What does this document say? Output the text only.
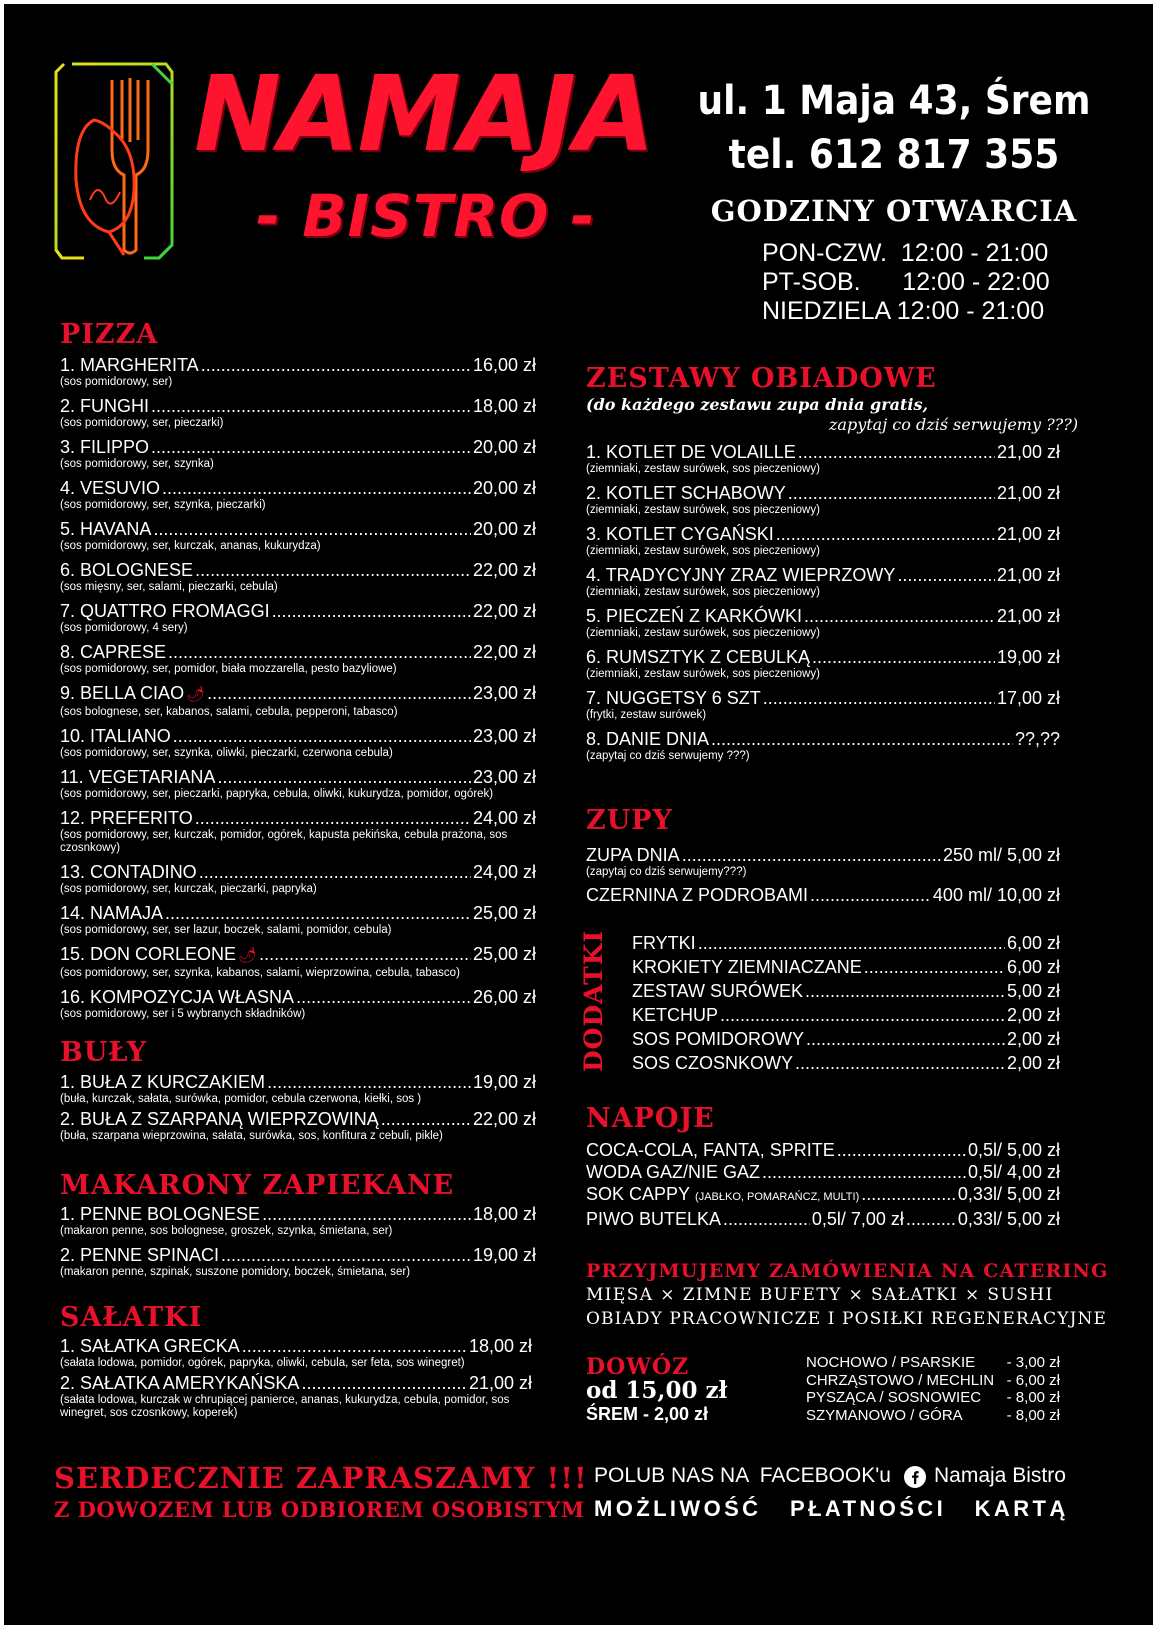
NAMAJA
- BISTRO -
ul. 1 Maja 43, Śrem
tel. 612 817 355
GODZINY OTWARCIA
PON-CZW.  12:00 - 21:00
PT-SOB.      12:00 - 22:00
NIEDZIELA 12:00 - 21:00
PIZZA
1. MARGHERITA .....	16,00 zł
(sos pomidorowy, ser)
2. FUNGHI .....	18,00 zł
(sos pomidorowy, ser, pieczarki)
3. FILIPPO .....	20,00 zł
(sos pomidorowy, ser, szynka)
4. VESUVIO .....	20,00 zł
(sos pomidorowy, ser, szynka, pieczarki)
5. HAVANA .....	20,00 zł
(sos pomidorowy, ser, kurczak, ananas, kukurydza)
6. BOLOGNESE .....	22,00 zł
(sos mięsny, ser, salami, pieczarki, cebula)
7. QUATTRO FROMAGGI .....	22,00 zł
(sos pomidorowy, 4 sery)
8. CAPRESE .....	22,00 zł
(sos pomidorowy, ser, pomidor, biała mozzarella, pesto bazyliowe)
9. BELLA CIAO 🌶 .....	23,00 zł
(sos bolognese, ser, kabanos, salami, cebula, pepperoni, tabasco)
10. ITALIANO .....	23,00 zł
(sos pomidorowy, ser, szynka, oliwki, pieczarki, czerwona cebula)
11. VEGETARIANA .....	23,00 zł
(sos pomidorowy, ser, pieczarki, papryka, cebula, oliwki, kukurydza, pomidor, ogórek)
12. PREFERITO .....	24,00 zł
(sos pomidorowy, ser, kurczak, pomidor, ogórek, kapusta pekińska, cebula prażona, sos czosnkowy)
13. CONTADINO .....	24,00 zł
(sos pomidorowy, ser, kurczak, pieczarki, papryka)
14. NAMAJA .....	25,00 zł
(sos pomidorowy, ser, ser lazur, boczek, salami, pomidor, cebula)
15. DON CORLEONE 🌶 .....	25,00 zł
(sos pomidorowy, ser, szynka, kabanos, salami, wieprzowina, cebula, tabasco)
16. KOMPOZYCJA WŁASNA .....	26,00 zł
(sos pomidorowy, ser i 5 wybranych składników)
BUŁY
1. BUŁA Z KURCZAKIEM .....	19,00 zł
(buła, kurczak, sałata, surówka, pomidor, cebula czerwona, kiełki, sos )
2. BUŁA Z SZARPANĄ WIEPRZOWINĄ .....	22,00 zł
(buła, szarpana wieprzowina, sałata, surówka, sos, konfitura z cebuli, pikle)
MAKARONY ZAPIEKANE
1. PENNE BOLOGNESE .....	18,00 zł
(makaron penne, sos bolognese, groszek, szynka, śmietana, ser)
2. PENNE SPINACI .....	19,00 zł
(makaron penne, szpinak, suszone pomidory, boczek, śmietana, ser)
SAŁATKI
1. SAŁATKA GRECKA .....	18,00 zł
(sałata lodowa, pomidor, ogórek, papryka, oliwki, cebula, ser feta, sos winegret)
2. SAŁATKA AMERYKAŃSKA .....	21,00 zł
(sałata lodowa, kurczak w chrupiącej panierce, ananas, kukurydza, cebula, pomidor, sos winegret, sos czosnkowy, koperek)
SERDECZNIE ZAPRASZAMY !!!
Z DOWOZEM LUB ODBIOREM OSOBISTYM
ZESTAWY OBIADOWE
(do każdego zestawu zupa dnia gratis,
zapytaj co dziś serwujemy ???)
1. KOTLET DE VOLAILLE .....	21,00 zł
(ziemniaki, zestaw surówek, sos pieczeniowy)
2. KOTLET SCHABOWY .....	21,00 zł
(ziemniaki, zestaw surówek, sos pieczeniowy)
3. KOTLET CYGAŃSKI .....	21,00 zł
(ziemniaki, zestaw surówek, sos pieczeniowy)
4. TRADYCYJNY ZRAZ WIEPRZOWY .....	21,00 zł
(ziemniaki, zestaw surówek, sos pieczeniowy)
5. PIECZEŃ Z KARKÓWKI .....	21,00 zł
(ziemniaki, zestaw surówek, sos pieczeniowy)
6. RUMSZTYK Z CEBULKĄ .....	19,00 zł
(ziemniaki, zestaw surówek, sos pieczeniowy)
7. NUGGETSY 6 SZT .....	17,00 zł
(frytki, zestaw surówek)
8. DANIE DNIA .....	??,??
(zapytaj co dziś serwujemy ???)
ZUPY
ZUPA DNIA .....	250 ml/ 5,00 zł
(zapytaj co dziś serwujemy???)
CZERNINA Z PODROBAMI .....	400 ml/ 10,00 zł
DODATKI FRYTKI .....	6,00 zł
KROKIETY ZIEMNIACZANE .....	6,00 zł
ZESTAW SURÓWEK .....	5,00 zł
KETCHUP .....	2,00 zł
SOS POMIDOROWY .....	2,00 zł
SOS CZOSNKOWY .....	2,00 zł
NAPOJE
COCA-COLA, FANTA, SPRITE .....	0,5l/ 5,00 zł
WODA GAZ/NIE GAZ .....	0,5l/ 4,00 zł
SOK CAPPY (JABŁKO, POMARAŃCZ, MULTI) .....	0,33l/ 5,00 zł
PIWO BUTELKA .....	0,5l/ 7,00 zł .....	0,33l/ 5,00 zł
PRZYJMUJEMY ZAMÓWIENIA NA CATERING
MIĘSA × ZIMNE BUFETY × SAŁATKI × SUSHI
OBIADY PRACOWNICZE I POSIŁKI REGENERACYJNE
DOWÓZ
od 15,00 zł
ŚREM - 2,00 zł
NOCHOWO / PSARSKIE - 3,00 zł
CHRZĄSTOWO / MECHLIN - 6,00 zł
PYSZĄCA / SOSNOWIEC - 8,00 zł
SZYMANOWO / GÓRA	- 8,00 zł
POLUB NAS NA  FACEBOOK'u Namaja Bistro
MOŻLIWOŚĆ   PŁATNOŚCI   KARTĄ
